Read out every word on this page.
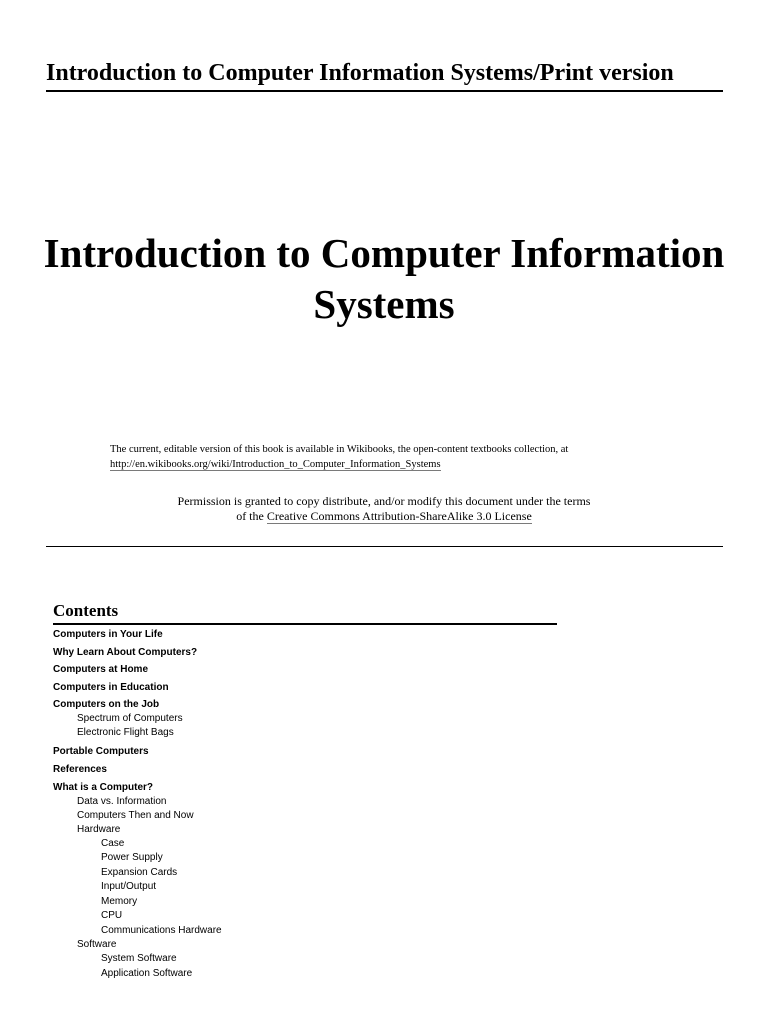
Introduction to Computer Information Systems/Print version
Introduction to Computer Information Systems
The current, editable version of this book is available in Wikibooks, the open-content textbooks collection, at
http://en.wikibooks.org/wiki/Introduction_to_Computer_Information_Systems
Permission is granted to copy distribute, and/or modify this document under the terms
of the Creative Commons Attribution-ShareAlike 3.0 License
Contents
Computers in Your Life
Why Learn About Computers?
Computers at Home
Computers in Education
Computers on the Job
Spectrum of Computers
Electronic Flight Bags
Portable Computers
References
What is a Computer?
Data vs. Information
Computers Then and Now
Hardware
Case
Power Supply
Expansion Cards
Input/Output
Memory
CPU
Communications Hardware
Software
System Software
Application Software
